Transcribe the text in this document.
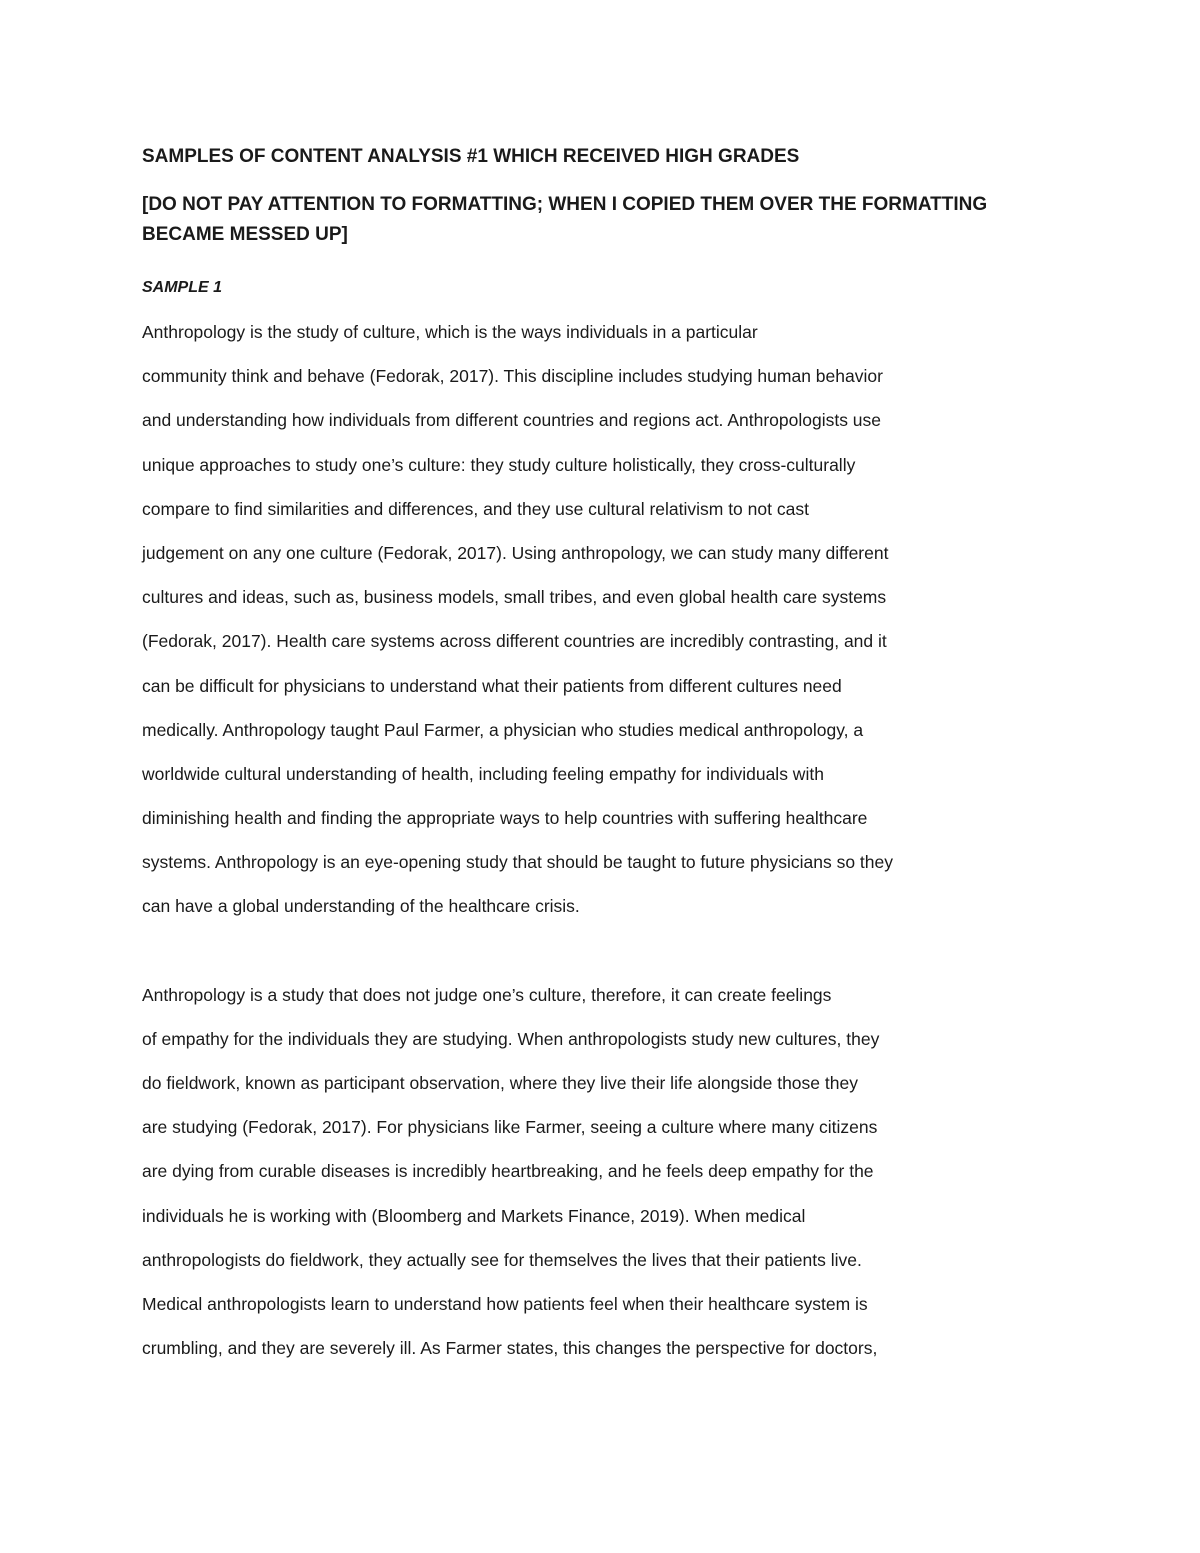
SAMPLES OF CONTENT ANALYSIS #1 WHICH RECEIVED HIGH GRADES

[DO NOT PAY ATTENTION TO FORMATTING; WHEN I COPIED THEM OVER THE FORMATTING
BECAME MESSED UP]

SAMPLE 1

Anthropology is the study of culture, which is the ways individuals in a particular
community think and behave (Fedorak, 2017). This discipline includes studying human behavior
and understanding how individuals from different countries and regions act. Anthropologists use
unique approaches to study one’s culture: they study culture holistically, they cross-culturally
compare to find similarities and differences, and they use cultural relativism to not cast
judgement on any one culture (Fedorak, 2017). Using anthropology, we can study many different
cultures and ideas, such as, business models, small tribes, and even global health care systems
(Fedorak, 2017). Health care systems across different countries are incredibly contrasting, and it
can be difficult for physicians to understand what their patients from different cultures need
medically. Anthropology taught Paul Farmer, a physician who studies medical anthropology, a
worldwide cultural understanding of health, including feeling empathy for individuals with
diminishing health and finding the appropriate ways to help countries with suffering healthcare
systems. Anthropology is an eye-opening study that should be taught to future physicians so they
can have a global understanding of the healthcare crisis.

Anthropology is a study that does not judge one’s culture, therefore, it can create feelings
of empathy for the individuals they are studying. When anthropologists study new cultures, they
do fieldwork, known as participant observation, where they live their life alongside those they
are studying (Fedorak, 2017). For physicians like Farmer, seeing a culture where many citizens
are dying from curable diseases is incredibly heartbreaking, and he feels deep empathy for the
individuals he is working with (Bloomberg and Markets Finance, 2019). When medical
anthropologists do fieldwork, they actually see for themselves the lives that their patients live.
Medical anthropologists learn to understand how patients feel when their healthcare system is
crumbling, and they are severely ill. As Farmer states, this changes the perspective for doctors,
